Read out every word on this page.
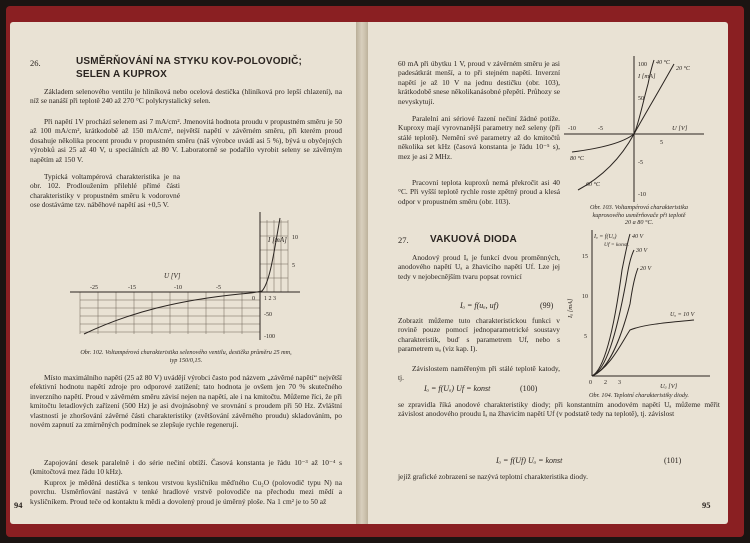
26.	USMĚRŇOVÁNÍ NA STYKU KOV-POLOVODIČ;
SELEN A KUPROX
Základem selenového ventilu je hliníková nebo ocelová destička (hliníková pro lepší chlazení), na níž se nanáší při teplotě 240 až 270 °C polykrystalický selen.
Při napětí 1V prochází selenem asi 7 mA/cm². Jmenovitá hodnota proudu v propustném směru je 50 až 100 mA/cm², krátkodobě až 150 mA/cm², největší napětí v závěrném směru, při kterém proud dosahuje několika procent proudu v propustném směru (náš výrobce uvádí asi 5 %), bývá u obyčejných výrobků asi 25 až 40 V, u speciálních až 80 V. Laboratorně se podařilo vyrobit seleny se závěrným napětím až 150 V.
Typická voltampérová charakteristika je na obr. 102. Prodloužením přilehlé přímé části charakteristiky v propustném směru k vodorovné ose dostáváme tzv. náběhové napětí asi +0,5 V.
I [mA]
U [V]
-25	-15	-10	-5
0 1 2 3
10
5
-50
-100
Obr. 102. Voltampérová charakteristika selenového ventilu, destička průměru 25 mm,
typ 150/0,15.
Místo maximálního napětí (25 až 80 V) uvádějí výrobci často pod názvem „závěrné napětí“ největší efektivní hodnotu napětí zdroje pro odporové zatížení; tato hodnota je ovšem jen 70 % skutečného inverzního napětí. Proud v závěrném směru závisí nejen na napětí, ale i na kmitočtu. Můžeme říci, že při kmitočtu letadlových zařízení (500 Hz) je asi dvojnásobný ve srovnání s proudem při 50 Hz. Zvláštní vlastností je zhoršování závěrné části charakteristiky (zvětšování závěrného proudu) skladováním, po novém zapnutí za zmírněných podmínek se zlepšuje rychle regenerují.
Zapojování desek paralelně i do série nečiní obtíží. Časová konstanta je řádu 10⁻³ až 10⁻⁴ s (kmitočtová mez řádu 10 kHz).
Kuprox je měděná destička s tenkou vrstvou kysličníku měďného Cu₂O (polovodič typu N) na povrchu. Usměrňování nastává v tenké hradlové vrstvě polovodiče na přechodu mezi mědí a kysličníkem. Proud teče od kontaktu k mědi a dovolený proud je úměrný ploše. Na 1 cm² je to 50 až
94
60 mA při úbytku 1 V, proud v závěrném směru je asi padesátkrát menší, a to při stejném napětí. Inverzní napětí je až 10 V na jednu destičku (obr. 103), krátkodobě snese několikanásobné přepětí. Průhozy se nevyskytují.
Paralelní ani sériové řazení nečiní žádné potíže. Kuproxy mají vyrovnanější parametry než seleny (při stálé teplotě). Nemění své parametry až do kmitočtů několika set kHz (časová konstanta je řádu 10⁻⁵ s), mez je asi 2 MHz.
Pracovní teplota kuproxů nemá překročit asi 40 °C. Při vyšší teplotě rychle roste zpětný proud a klesá odpor v propustném směru (obr. 103).
I [mA]
U [V]
-10	-5
5
100
50
-5
-10
40 °C
20 °C
80 °C
60 °C
Obr. 103. Voltampérová charakteristika
kuproxového usměrňovače při teplotě
20 a 80 °C.
27. VAKUOVÁ DIODA
Anodový proud Iₐ je funkcí dvou proměnných, anodového napětí Uₐ a žhavicího napětí Uf. Lze jej tedy v nejobecnějším tvaru popsat rovnicí
Iₐ = f(uₐ, uf)	(99)
Zobrazit můžeme tuto charakteristickou funkci v rovině pouze pomocí jednoparametrické soustavy charakteristik, buď s parametrem Uf, nebo s parametrem uₐ (viz kap. I).
Závislostem naměřeným při stálé teplotě katody, tj.
Iₐ = f(Uₐ) Uf = konst	(100)
se zpravidla říká anodové charakteristiky diody; při konstantním anodovém napětí Uₐ můžeme měřit závislost anodového proudu Iₐ na žhavicím napětí Uf (v podstatě tedy na teplotě), tj. závislost
Iₐ = f(Uf) Uₐ = konst	(101)
jejíž grafické zobrazení se nazývá teplotní charakteristika diody.
Iₐ [mA]
Uₐ [V]
Iₐ = f(Uₐ)
Uf = konst.
40 V
30 V
20 V
Uₐ = 10 V
15
10
5
0 2 3
Obr. 104. Teplotní charakteristiky diody.
95
